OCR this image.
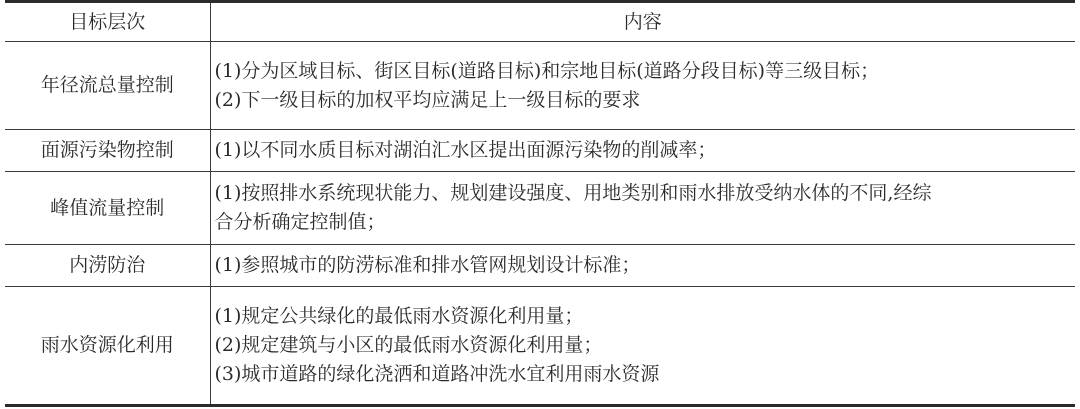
目标层次	内容
年径流总量控制	(1)分为区域目标、街区目标(道路目标)和宗地目标(道路分段目标)等三级目标；
(2)下一级目标的加权平均应满足上一级目标的要求

面源污染物控制	(1)以不同水质目标对湖泊汇水区提出面源污染物的削减率；

峰值流量控制	(1)按照排水系统现状能力、规划建设强度、用地类别和雨水排放受纳水体的不同,经综
合分析确定控制值；

内涝防治	(1)参照城市的防涝标准和排水管网规划设计标准；

雨水资源化利用	(1)规定公共绿化的最低雨水资源化利用量；
(2)规定建筑与小区的最低雨水资源化利用量；
(3)城市道路的绿化浇洒和道路冲洗水宜利用雨水资源
